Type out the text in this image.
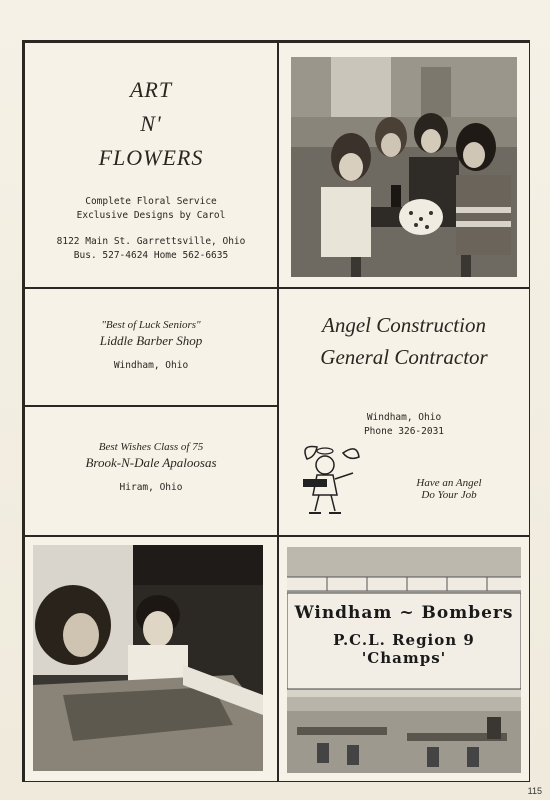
ART
N'
FLOWERS
Complete Floral Service
Exclusive Designs by Carol
8122 Main St. Garrettsville, Ohio
Bus. 527-4624 Home 562-6635
"Best of Luck Seniors"
Liddle Barber Shop
Windham, Ohio
Angel Construction
General Contractor
Windham, Ohio
Phone 326-2031
Have an Angel
Do Your Job
Best Wishes Class of 75
Brook-N-Dale Apaloosas
Hiram, Ohio
Windham ~ Bombers
P.C.L. Region 9 'Champs'
115
